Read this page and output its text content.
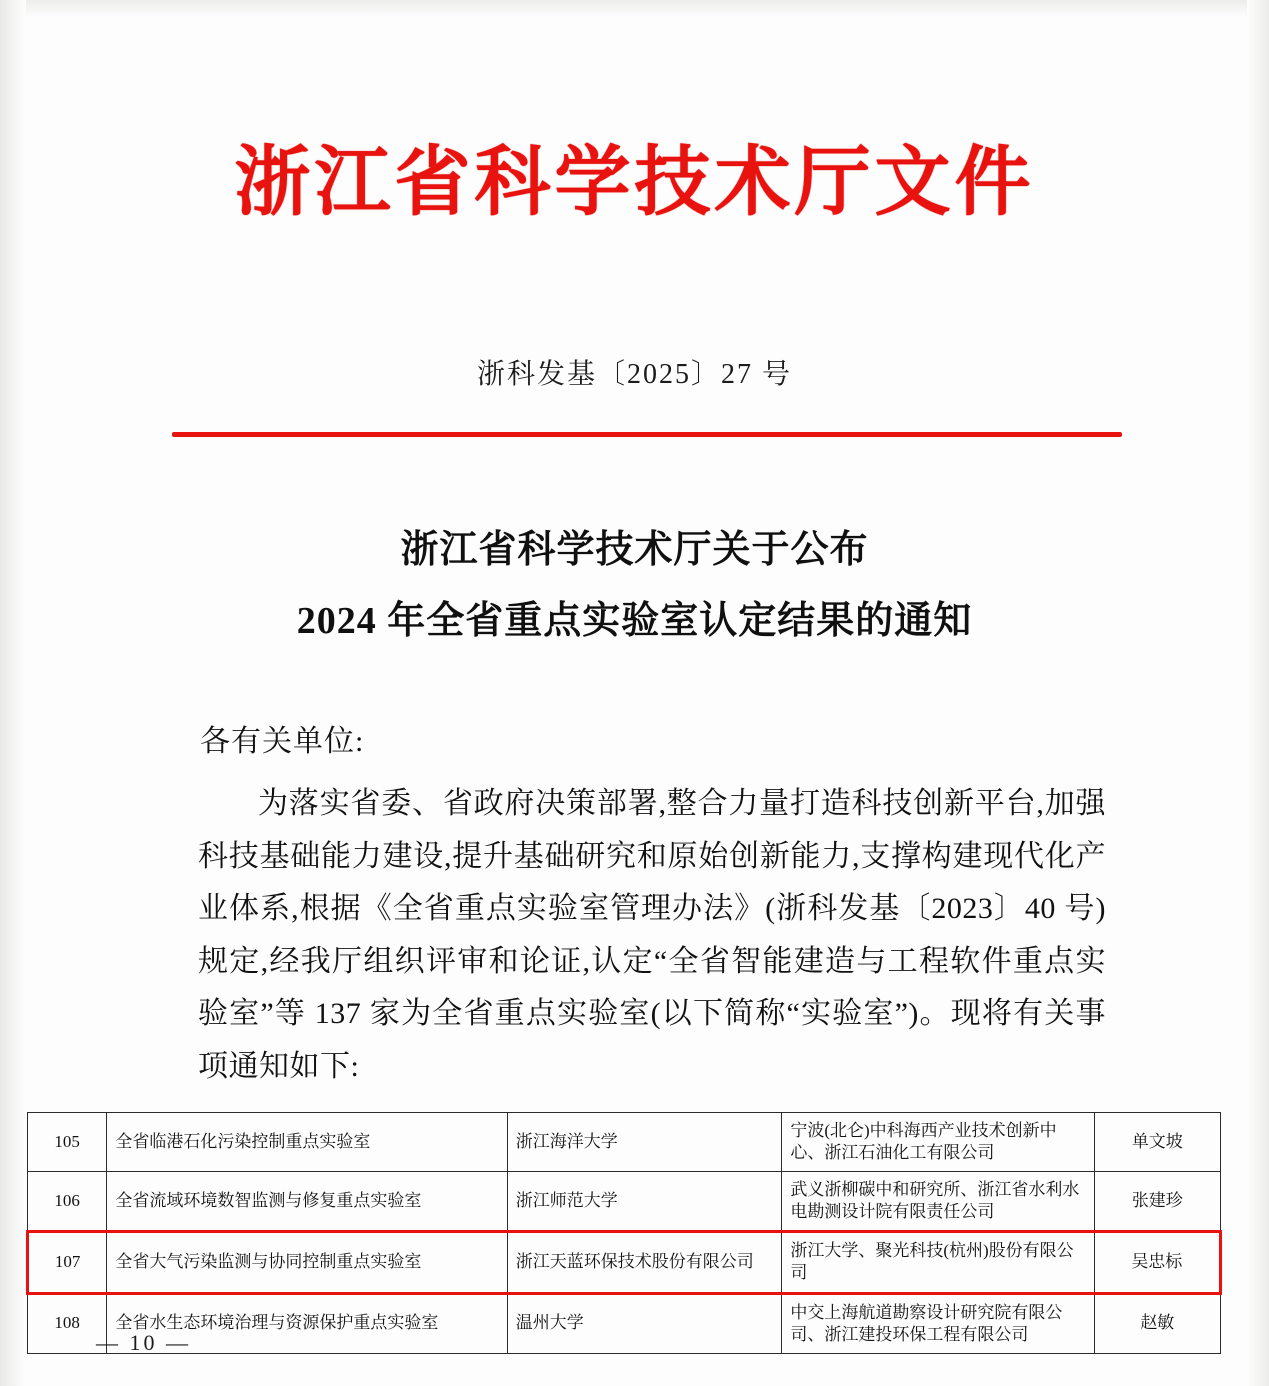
浙江省科学技术厅文件
浙科发基〔2025〕27 号
浙江省科学技术厅关于公布
2024 年全省重点实验室认定结果的通知
各有关单位:
为落实省委、省政府决策部署,整合力量打造科技创新平台,加强科技基础能力建设,提升基础研究和原始创新能力,支撑构建现代化产业体系,根据《全省重点实验室管理办法》(浙科发基〔2023〕40 号)规定,经我厅组织评审和论证,认定“全省智能建造与工程软件重点实验室”等 137 家为全省重点实验室(以下简称“实验室”)。现将有关事项通知如下:
105	全省临港石化污染控制重点实验室	浙江海洋大学	宁波(北仑)中科海西产业技术创新中心、浙江石油化工有限公司	单文坡
106	全省流域环境数智监测与修复重点实验室	浙江师范大学	武义浙柳碳中和研究所、浙江省水利水电勘测设计院有限责任公司	张建珍
107	全省大气污染监测与协同控制重点实验室	浙江天蓝环保技术股份有限公司	浙江大学、聚光科技(杭州)股份有限公司	吴忠标
108	全省水生态环境治理与资源保护重点实验室	温州大学	中交上海航道勘察设计研究院有限公司、浙江建投环保工程有限公司	赵敏
— 10 —
